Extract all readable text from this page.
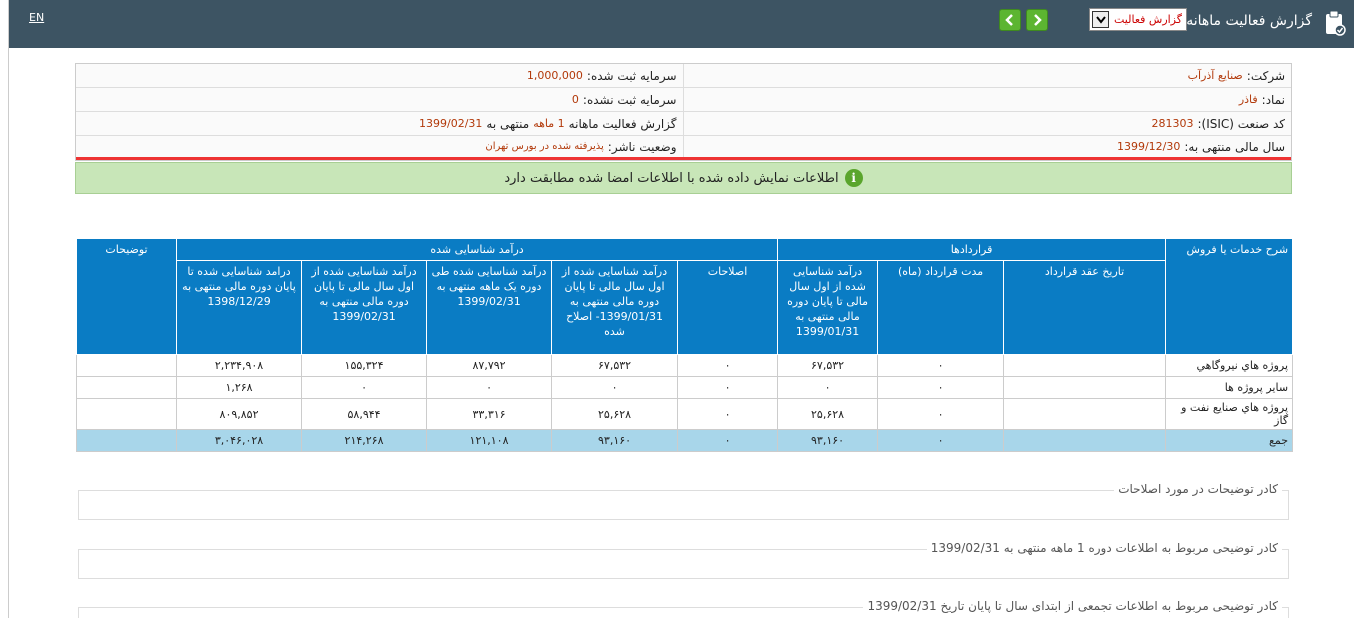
EN	گزارش فعالیت گزارش فعالیت ماهانه
شرکت:
صنایع آذرآب
سرمایه ثبت شده:
1,000,000
نماد:
فاذر
سرمایه ثبت نشده:
0
کد صنعت (ISIC):
281303
گزارش فعالیت ماهانه
1 ماهه
منتهی به
1399/02/31
سال مالی منتهی به:
1399/12/30
وضعیت ناشر:
پذیرفته شده در بورس تهران
i
اطلاعات نمایش داده شده با اطلاعات امضا شده مطابقت دارد
شرح خدمات یا فروش	قراردادها			درآمد شناسایی شده					توضیحات
	تاریخ عقد قرارداد	مدت قرارداد (ماه)	درآمد شناسایی شده از اول سال مالی تا پایان دوره مالی منتهی به 1399/01/31	اصلاحات	درآمد شناسایی شده از اول سال مالی تا پایان دوره مالی منتهی به 1399/01/31- اصلاح شده	درآمد شناسایی شده طی دوره یک ماهه منتهی به 1399/02/31	درآمد شناسایی شده از اول سال مالی تا پایان دوره مالی منتهی به 1399/02/31	درامد شناسایی شده تا پایان دوره مالی منتهی به 1398/12/29	
پروژه هاي نيروگاهي		۰	۶۷,۵۳۲	۰	۶۷,۵۳۲	۸۷,۷۹۲	۱۵۵,۳۲۴	۲,۲۳۴,۹۰۸	
ساير پروژه ها		۰	۰	۰	۰	۰	۰	۱,۲۶۸	
پروژه هاي صنايع نفت و گاز		۰	۲۵,۶۲۸	۰	۲۵,۶۲۸	۳۳,۳۱۶	۵۸,۹۴۴	۸۰۹,۸۵۲	
جمع		۰	۹۳,۱۶۰	۰	۹۳,۱۶۰	۱۲۱,۱۰۸	۲۱۴,۲۶۸	۳,۰۴۶,۰۲۸	
کادر توضیحات در مورد اصلاحات
کادر توضیحی مربوط به اطلاعات دوره 1 ماهه منتهی به 1399/02/31
کادر توضیحی مربوط به اطلاعات تجمعی از ابتدای سال تا پایان تاریخ 1399/02/31
